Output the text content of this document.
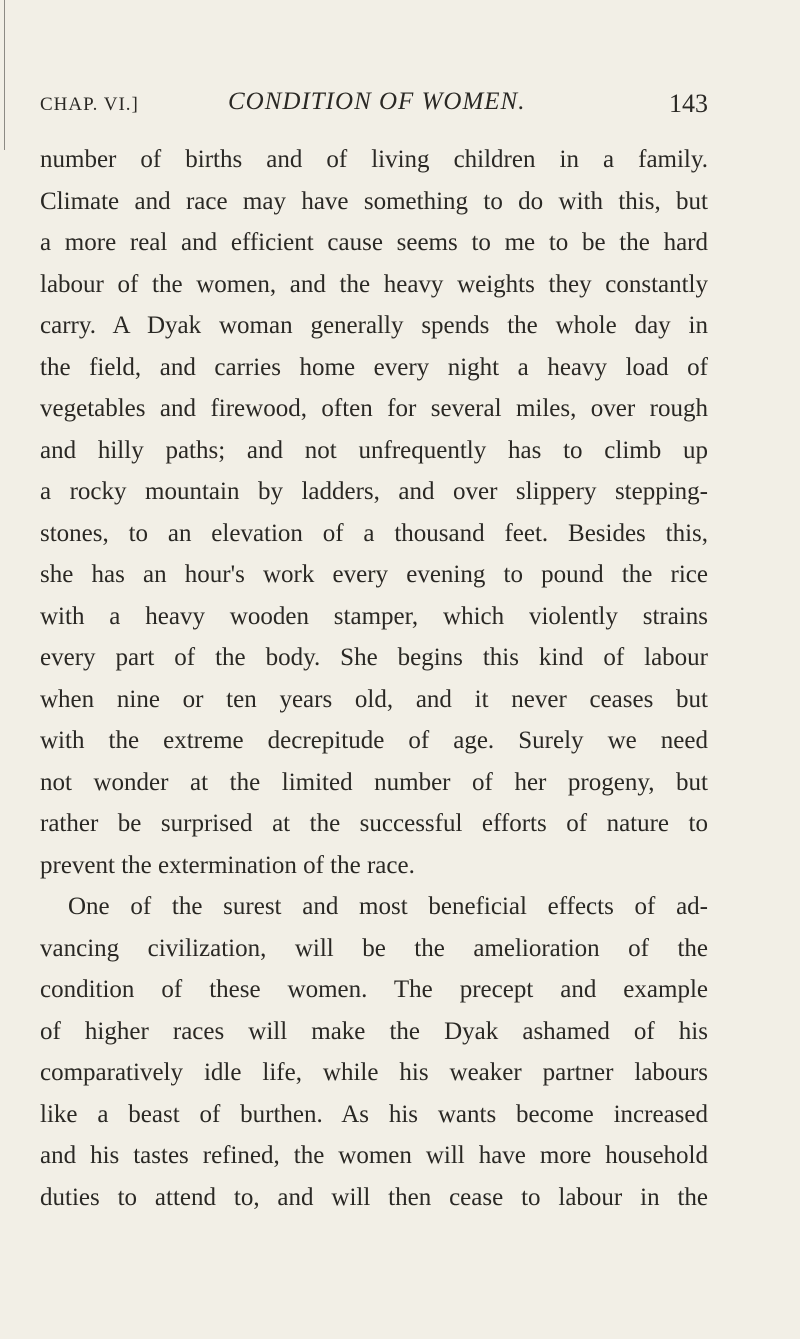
CHAP. VI.]	CONDITION OF WOMEN.	143
number of births and of living children in a family.
Climate and race may have something to do with this, but
a more real and efficient cause seems to me to be the hard
labour of the women, and the heavy weights they constantly
carry. A Dyak woman generally spends the whole day in
the field, and carries home every night a heavy load of
vegetables and firewood, often for several miles, over rough
and hilly paths; and not unfrequently has to climb up
a rocky mountain by ladders, and over slippery stepping-
stones, to an elevation of a thousand feet. Besides this,
she has an hour's work every evening to pound the rice
with a heavy wooden stamper, which violently strains
every part of the body. She begins this kind of labour
when nine or ten years old, and it never ceases but
with the extreme decrepitude of age. Surely we need
not wonder at the limited number of her progeny, but
rather be surprised at the successful efforts of nature to
prevent the extermination of the race.
One of the surest and most beneficial effects of ad-
vancing civilization, will be the amelioration of the
condition of these women. The precept and example
of higher races will make the Dyak ashamed of his
comparatively idle life, while his weaker partner labours
like a beast of burthen. As his wants become increased
and his tastes refined, the women will have more household
duties to attend to, and will then cease to labour in the
